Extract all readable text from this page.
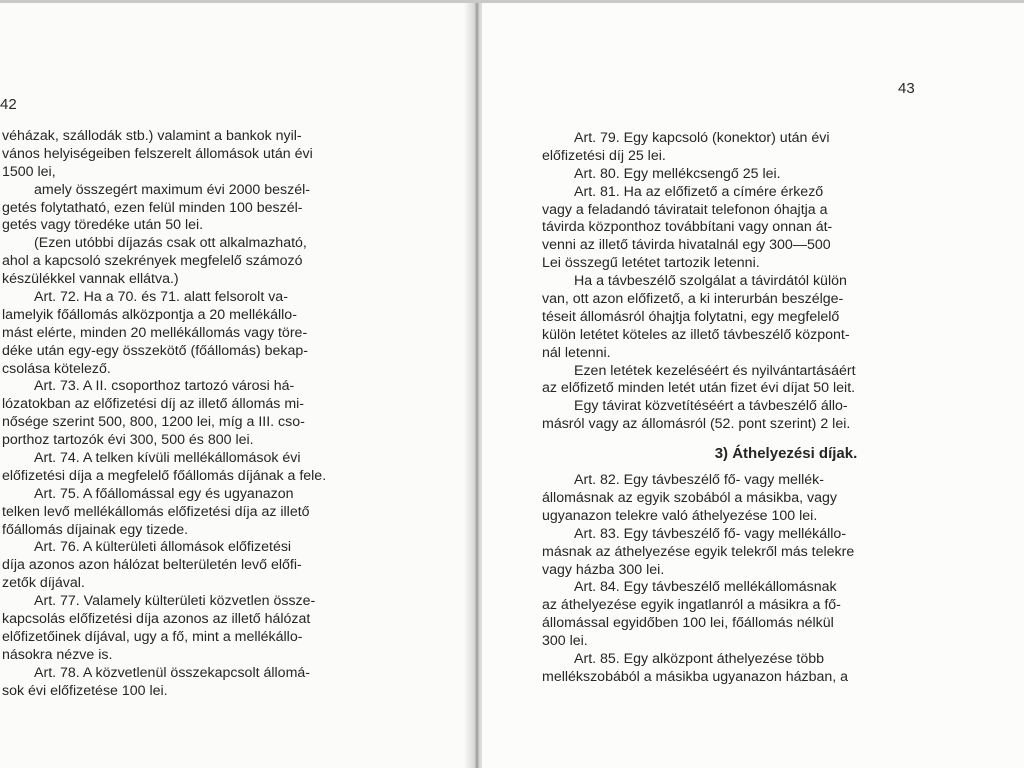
42
véházak, szállodák stb.) valamint a bankok nyil-
vános helyiségeiben felszerelt állomások után évi
1500 lei,
amely összegért maximum évi 2000 beszél-
getés folytatható, ezen felül minden 100 beszél-
getés vagy töredéke után 50 lei.
(Ezen utóbbi díjazás csak ott alkalmazható,
ahol a kapcsoló szekrények megfelelő számozó
készülékkel vannak ellátva.)
Art. 72. Ha a 70. és 71. alatt felsorolt va-
lamelyik főállomás alközpontja a 20 mellékállo-
mást elérte, minden 20 mellékállomás vagy töre-
déke után egy-egy összekötő (főállomás) bekap-
csolása kötelező.
Art. 73. A II. csoporthoz tartozó városi há-
lózatokban az előfizetési díj az illető állomás mi-
nősége szerint 500, 800, 1200 lei, míg a III. cso-
porthoz tartozók évi 300, 500 és 800 lei.
Art. 74. A telken kívüli mellékállomások évi
előfizetési díja a megfelelő főállomás díjának a fele.
Art. 75. A főállomással egy és ugyanazon
telken levő mellékállomás előfizetési díja az illető
főállomás díjainak egy tizede.
Art. 76. A külterületi állomások előfizetési
díja azonos azon hálózat belterületén levő előfi-
zetők díjával.
Art. 77. Valamely külterületi közvetlen össze-
kapcsolás előfizetési díja azonos az illető hálózat
előfizetőinek díjával, ugy a fő, mint a mellékállo-
násokra nézve is.
Art. 78. A közvetlenül összekapcsolt állomá-
sok évi előfizetése 100 lei.
43
Art. 79. Egy kapcsoló (konektor) után évi
előfizetési díj 25 lei.
Art. 80. Egy mellékcsengő 25 lei.
Art. 81. Ha az előfizető a címére érkező
vagy a feladandó táviratait telefonon óhajtja a
távirda központhoz továbbítani vagy onnan át-
venni az illető távirda hivatalnál egy 300—500
Lei összegű letétet tartozik letenni.
Ha a távbeszélő szolgálat a távirdától külön
van, ott azon előfizető, a ki interurbán beszélge-
téseit állomásról óhajtja folytatni, egy megfelelő
külön letétet köteles az illető távbeszélő központ-
nál letenni.
Ezen letétek kezeléséért és nyilvántartásáért
az előfizető minden letét után fizet évi díjat 50 leit.
Egy távirat közvetítéséért a távbeszélő állo-
másról vagy az állomásról (52. pont szerint) 2 lei.
3) Áthelyezési díjak.
Art. 82. Egy távbeszélő fő- vagy mellék-
állomásnak az egyik szobából a másikba, vagy
ugyanazon telekre való áthelyezése 100 lei.
Art. 83. Egy távbeszélő fő- vagy mellékállo-
másnak az áthelyezése egyik telekről más telekre
vagy házba 300 lei.
Art. 84. Egy távbeszélő mellékállomásnak
az áthelyezése egyik ingatlanról a másikra a fő-
állomással egyidőben 100 lei, főállomás nélkül
300 lei.
Art. 85. Egy alközpont áthelyezése több
mellékszobából a másikba ugyanazon házban, a
